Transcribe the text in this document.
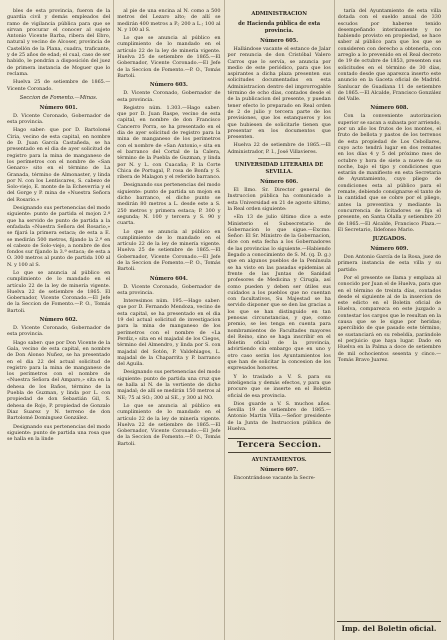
bles de esta provincia, fueron de la guardia civil y demás empleados del ramo de vigilancia pública para que se sirvan procurar el conocer al sujeto Antonio Vicente Barba, ribera del Ebro, natural y vecino de Alcoser, provincia de Castellón de la Plana, cuadra, traficante, y de 25 años de edad; el cual, caso de ser habido, le pondrán a disposición del juez de primera instancia de Moguer que lo reclama.

Huelva 25 de setiembre de 1865.—Vicente Coronado.

Seccion de Fomento.—Minas.
Número 601.

D. Vicente Coronado, Gobernador de esta provincia.

Hago saber: que por D. Bartolomé Ciria, vecino de esta capital, en nombre de D. Juan García Castañeda, se ha presentado en el dia de ayer solicitud de registro para la mina de manganeso de los perímetros con el nombre de «San Genaro» sito en el término de La Granada, término de Almonaster, y linda por N. con los Lentiscares, S. cabezo de Solo-viejo, E. monte de la Echeverria y el del Gorge y P. mina de «Nuestra Señora del Rosario.»

Designando sus pertenencias del modo siguiente: punto de partida el mojon 2.º que ha servido de punto de partida a la enfadada «Nuestra Señora del Rosario,» se fijará la primera estaca; de esta a E. se medirán 500 metros, fijando la 2.ª en el cabezo de Solo-viejo, a nombre de dos fondos sur fijando la 3.ª estaca; de esta a O. 300 metros al punto de partida 100 al N. y 100 al S.

Lo que se anuncia al público en cumplimiento de lo mandado en el artículo 22 de la ley de minería vigente. Huelva 22 de setiembre de 1865. El Gobernador, Vicente Coronado.—El Jefe de la Seccion de Fomento.—P. O., Tomás Bartoli.

Número 602.

D. Vicente Coronado, Gobernador de esta provincia.

Hago saber: que por Don Vicente de la Gala, vecino de esta capital, en nombre de Don Alonso Nuñez, se ha presentado en el dia 22 del actual solicitud de registro para la mina de manganeso de los perímetros con el nombre de «Nuestra Señora del Amparo,» sita en la dehesa de los Baños, término de la Puebla de Guzman, y linda por L. con propiedad de don Sebastián Gil, S. dehesa de Rojo, P. propiedad de Gonzalo Diaz Suarez y N. terreno de don Bartolomé Dominguez González.

Designando sus pertenencias del modo siguiente: punto de partida una rosa que se halla en la linde

al pie de una encina al N. como a 500 metros del Lezaro alto; de allí se medirán 400 metros a P.; 200 a L.; 100 al N. y 100 al S.

Lo que se anuncia al público en cumplimiento de lo mandado en el artículo 22 de la ley de minería vigente. Huelva 25 de setiembre de 1865.—El Gobernador, Vicente Coronado.—El Jefe de la Seccion de Fomento.—P. O., Tomás Bartoli.

Número 603.

D. Vicente Coronado, Gobernador de esta provincia.

Registro núm. 1.303.—Hago saber: que por D. Juan Raspe, vecino de esta capital, en nombre de don Francisco Cancerro Porra, se ha presentado en el dia de ayer solicitud de registro para la mina de manganeso de los perímetros con el nombre de «San Antonio,» sita en el barranco del Cortal de la Calera, término de la Puebla de Guzman, y linda por N. y L. con Cuacaña; P. la Corte Chica de Portugal, P. rosa de Bonfa y S. ribera de Malagon y el referido barranco.

Designando sus pertenencias del modo siguiente: punto de partida un mojon en dicho barranco, el dicho punto se medirán 80 metros a L. desde este a S. 250 metros y primera estaca; P. 300 y segunda; N. 100 y tercera y S. 90 y cuarta.

Lo que se anuncia al público en cumplimiento de lo mandado en el artículo 22 de la ley de minería vigente. Huelva 25 de setiembre de 1865.—El Gobernador, Vicente Coronado.—El Jefe de la Seccion de Fomento.—P. O., Tomás Bartoli.

Número 604.

D. Vicente Coronado, Gobernador de esta provincia.

Interesimos núm. 195.—Hago saber: que por D. Fernando Mendoza, vecino de esta capital, se ha presentado en el dia 19 del actual solicitud de investigacion para la mina de manganeso de los perímetros con el nombre de «La Perdiz,» sita en el majadal de los Ciegos, término del Almendro, y linda por S. con majadal del Sotón, P. Valdehiagos, L. majadal de la Chaparrita y P. barranco del Aguila.

Designando sus pertenencias del modo siguiente: punto de partida una cruz que se halla al N. de la vertiente de dicho majadal; de allí se medirán 150 metros al NE; 75 al SO.; 300 al SE., y 300 al NO.

Lo que se anuncia al público en cumplimiento de lo mandado en el artículo 22 de la ley de minería vigente. Huelva 22 de setiembre de 1865.—El Gobernador, Vicente Coronado.—El Jefe de la Seccion de Fomento.—P. O., Tomás Bartoli.

ADMINISTRACION
de Hacienda pública de esta provincia.
Número 605.

Hallándose vacante el estanco de Jalar por renuncia de don Cristóbal Valero Carros que lo servía, se anuncia por medio de este periódico, para que los aspirantes a dicha plaza presenten sus solicitudes documentadas en esta Administracion dentro del improrrogable término de ocho días, contados desde el de la publicacion del presente, y puedan tener efecto lo preparado en Real orden de 2 de julio y tercera parte de los previsiones, que los estanqueros y los que hubiesen de solicitarle tienen que presentar en los documentos que presenten.

Huelva 22 de setiembre de 1865.—El Administrador, P. I., José Villavieres.

UNIVERSIDAD LITERARIA DE SEVILLA.
Número 606.

El Ilmo. Sr. Director general de Instruccion pública ha comunicado a esta Universidad en 21 de agosto último, la Real orden siguiente:

«En 13 de julio último dice a este Ministerio el Subsecretario de Gobernacion lo que sigue.—Excmo. Señor: El Sr. Ministro de la Gobernacion, dice con esta fecha a los Gobernadores de las provincias lo siguiente.—Habiendo llegado a conocimiento de S. M. (q. D. g.) que en algunos pueblos de la Península se ha visto en las pasadas epidemias al frente de las Juntas de Sanidad profesores de Medicina y Cirugía, así como pueden y deben ser útiles sus cuidados a los pueblos que no cuentan con facultativos, Su Majestad se ha servido disponer que se den las gracias a los que se han distinguido en tan penosas circunstancias, y que, como premio, se les tenga en cuenta para nombramientos de Facultades mayores del Reino, sino se haga inscribir en el Boletin oficial de la provincia, advirtiendo sin embargo que en uno y otro caso serán los Ayuntamientos los que han de solicitar la concesion de los expresados honores.

Y lo traslado a V. S. para su inteligencia y demás efectos, y para que procure que se inserte en el Boletin oficial de esa provincia.

Dios guarde a V. S. muchos años. Sevilla 19 de setiembre de 1865.—Antonio Martin Villa.—Señor presidente de la Junta de Instruccion pública de Huelva.

Tercera Seccion.
AYUNTAMIENTOS.
Número 607.

Encontrándose vacante la Secre-

taría del Ayuntamiento de esta villa dotada con el sueldo anual de 330 escudos por haberse tenido desempeñando interinamente y no habiendo provisto en propiedad, se hace saber al público para que los que se consideren con derecho a obtenerla, con arreglo a lo prevenido en el Real decreto de 19 de octubre de 1853, presenten sus solicitudes en el término de 30 días, contado desde que aparezca inserto este anuncio en la Gaceta oficial de Madrid. Sanlucar de Guadiana 11 de setiembre de 1865.—El Alcalde, Francisco González del Valle.

Número 608.

Con la conveniente autorizacion superior se sacan a subasta por arriendo, por un año los frutos de los montes, el fruto de bellota y pastos de los terrenos de esta propiedad de Los Cebollares, cuyo acto tendrá lugar en dos remates en los días 4 y 5 del próximo mes de octubre y hora de siete a nueve de su noche, bajo el tipo y condiciones que estarán de manifiesto en esta Secretaria de Ayuntamiento, cuyo pliego de condiciones esta al público para el remate, debiendo consignarse el tanto de la cantidad que se cobre por el pliego, antes la preventiva y mediante la concurrencia de licitadores se fija el presente, en Santa Olalla y setiembre 20 de 1865.—El Alcalde, Francisco Plaza.—El Secretario, Ildefonso Mario.

JUZGADOS.
Número 609.

Don Antonio García de la Rosa, juez de primera instancia de esta villa y su partido:

Por el presente se llama y emplaza al conocido por Juan el de Huelva, para que en el término de treinta días, contados desde el siguiente al de la insercion de este edicto en el Boletin oficial de Huelva, comparezca en este juzgado a contestar los cargos que le resultan en la causa que se le sigue por heridas; apercibido de que pasado este término, se sustanciará en su rebeldía, parándole el perjuicio que haya lugar. Dado en Huelva en la Palma a doce de setiembre de mil ochocientos sesenta y cinco.—Tomás Bravo Juarez.

Imp. del Boletin oficial.
